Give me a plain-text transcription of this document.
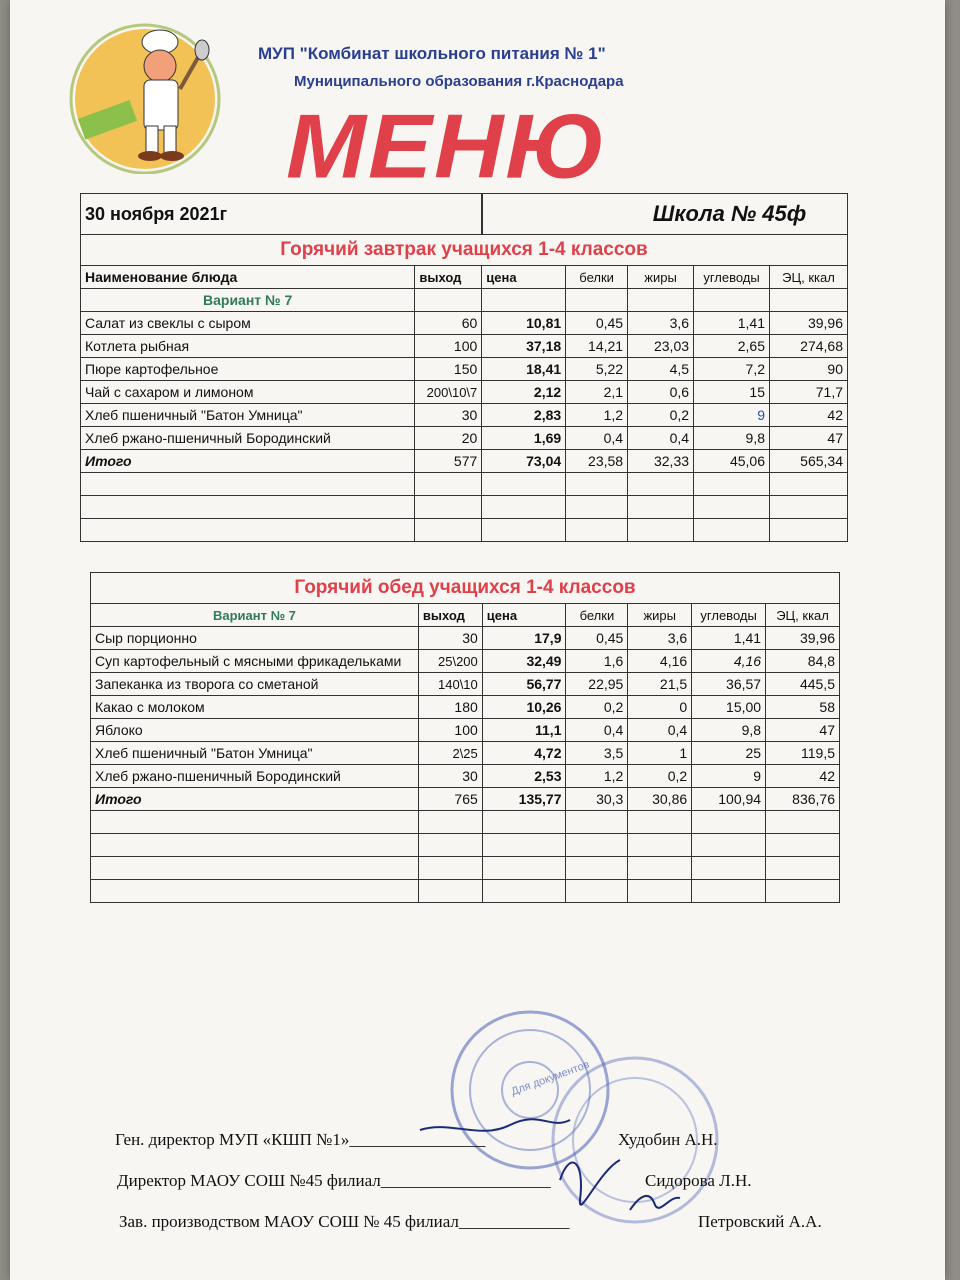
МУП "Комбинат школьного питания № 1"
Муниципального образования г.Краснодара
МЕНЮ
30 ноября 2021г		Школа № 45ф				
Горячий завтрак учащихся 1-4 классов						
Наименование блюда	выход	цена	белки	жиры	углеводы	ЭЦ, ккал
Вариант № 7						
Салат из свеклы с сыром	60	10,81	0,45	3,6	1,41	39,96
Котлета рыбная	100	37,18	14,21	23,03	2,65	274,68
Пюре картофельное	150	18,41	5,22	4,5	7,2	90
Чай с сахаром и лимоном	200\10\7	2,12	2,1	0,6	15	71,7
Хлеб пшеничный "Батон Умница"	30	2,83	1,2	0,2	9	42
Хлеб ржано-пшеничный Бородинский	20	1,69	0,4	0,4	9,8	47
Итого	577	73,04	23,58	32,33	45,06	565,34

Горячий обед учащихся 1-4 классов						
Вариант № 7	выход	цена	белки	жиры	углеводы	ЭЦ, ккал
Сыр порционно	30	17,9	0,45	3,6	1,41	39,96
Суп картофельный с мясными фрикадельками	25\200	32,49	1,6	4,16	4,16	84,8
Запеканка из творога со сметаной	140\10	56,77	22,95	21,5	36,57	445,5
Какао с молоком	180	10,26	0,2	0	15,00	58
Яблоко	100	11,1	0,4	0,4	9,8	47
Хлеб пшеничный "Батон Умница"	2\25	4,72	3,5	1	25	119,5
Хлеб ржано-пшеничный Бородинский	30	2,53	1,2	0,2	9	42
Итого	765	135,77	30,3	30,86	100,94	836,76

Для документов
Ген. директор МУП «КШП №1»________________	Худобин А.Н.
Директор МАОУ СОШ №45 филиал____________________	Сидорова Л.Н.
Зав. производством МАОУ СОШ № 45 филиал_____________	Петровский А.А.
